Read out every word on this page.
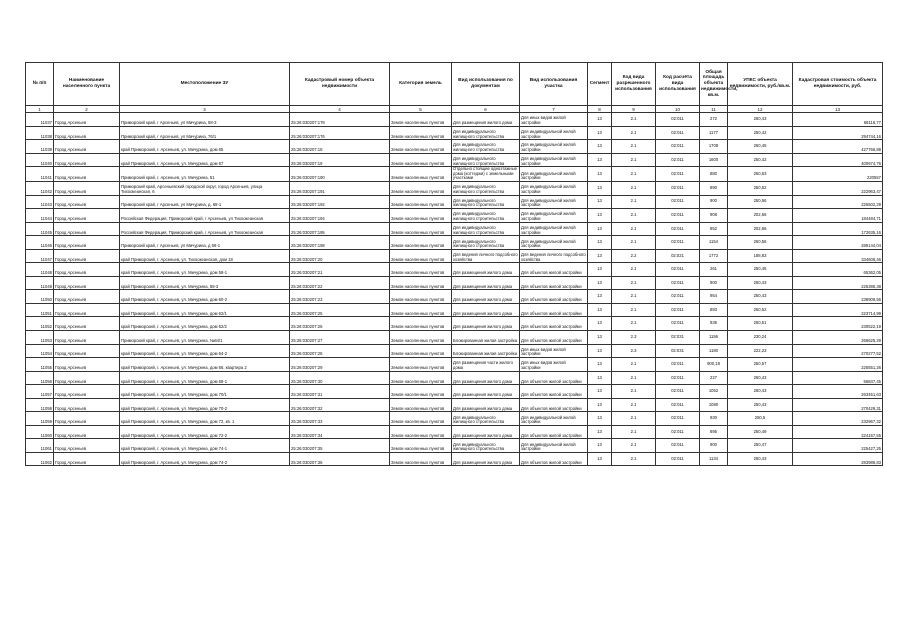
№ п/п	Наименование населенного пункта	Местоположение ЗУ	Кадастровый номер объекта недвижимости	Категория земель	Вид использования по документам	Вид использования участка	Сегмент	Код вида разрешенного использования	Код расчёта вида использования	Общая площадь объекта недвижимости, кв.м.	УПКС объекта недвижимости, руб./кв.м.	Кадастровая стоимость объекта недвижимости, руб.
1	2	3	4	5	6	7	8	9	10	11	12	13
11037	Город Арсеньев	Приморский край, г Арсеньев, ул Мичурина, 58-3	25:26:030207:178	Земли населенных пунктов	Для размещения жилого дома	Для иных видов жилой застройки	13	2.1	02:011	272	250,43	68116,77
11038	Город Арсеньев	Приморский край, г Арсеньев, ул Мичурина, 76/1	25:26:030207:176	Земли населенных пунктов	Для индивидуального жилищного строительства	Для индивидуальной жилой застройки	13	2.1	02:011	1177	250,42	294744,16
11039	Город Арсеньев	край Приморский, г. Арсеньев, ул. Мичурина, дом 65	25:26:030207:18	Земли населенных пунктов	Для индивидуального жилищного строительства	Для индивидуальной жилой застройки	13	2.1	02:011	1708	250,45	427766,88
11040	Город Арсеньев	край Приморский, г. Арсеньев, ул. Мичурина, дом 67	25:26:030207:19	Земли населенных пунктов	Для индивидуального жилищного строительства	Для индивидуальной жилой застройки	13	2.1	02:011	1600	250,42	400674,76
11041	Город Арсеньев	Приморский край, г. Арсеньев, ул. Мичурина, 51	25:26:030207:190	Земли населенных пунктов	Отдельно стоящие одноэтажные дома (коттеджи) с земельными участками	Для индивидуальной жилой застройки	13	2.1	02:011	880	250,63	220557
11042	Город Арсеньев	Приморский край, Арсеньевский городской округ, город Арсеньев, улица Тихоокеанская, 6	25:26:030207:191	Земли населенных пунктов	Для индивидуального жилищного строительства	Для индивидуальной жилой застройки	13	2.1	02:011	890	250,52	222963,47
11043	Город Арсеньев	Приморский край, г Арсеньев, ул Мичурина, д. 68-1	25:26:030207:192	Земли населенных пунктов	Для индивидуального жилищного строительства	Для индивидуальной жилой застройки	13	2.1	02:011	900	250,56	225502,29
11044	Город Арсеньев	Российская Федерация, Приморский край, г Арсеньев, ул Тихоокеанская	25:26:030207:194	Земли населенных пунктов	Для индивидуального жилищного строительства	Для индивидуальной жилой застройки	13	2.1	02:011	908	202,66	184484,71
11045	Город Арсеньев	Российская Федерация, Приморский край, г Арсеньев, ул Тихоокеанская	25:26:030207:195	Земли населенных пунктов	Для индивидуального жилищного строительства	Для индивидуальной жилой застройки	13	2.1	02:011	852	202,66	172635,16
11046	Город Арсеньев	Приморский край, г Арсеньев, ул Мичурина, д 68-1	25:26:030207:198	Земли населенных пунктов	Для индивидуального жилищного строительства	Для индивидуальной жилой застройки	13	2.1	02:011	1154	250,56	289144,04
11047	Город Арсеньев	край Приморский, г. Арсеньев, ул. Тихоокеанская, дом 18	25:26:030207:20	Земли населенных пунктов	Для ведения личного подсобного хозяйства	Для ведения личного подсобного хозяйства	13	2.2	02:021	1772	188,83	334606,46
11048	Город Арсеньев	край Приморский, г. Арсеньев, ул. Мичурина, дом 58-1	25:26:030207:21	Земли населенных пунктов	Для размещения жилого дома	Для объектов жилой застройки	13	2.1	02:011	261	250,45	65362,05
11049	Город Арсеньев	край Приморский, г. Арсеньев, ул. Мичурина, 58-3	25:26:030207:22	Земли населенных пунктов	Для размещения жилого дома	Для объектов жилой застройки	13	2.1	02:011	900	250,43	225386,38
11050	Город Арсеньев	край Приморский, г. Арсеньев, ул. Мичурина, дом 60-2	25:26:030207:23	Земли населенных пунктов	Для размещения жилого дома	Для объектов жилой застройки	13	2.1	02:011	954	250,43	238909,56
11051	Город Арсеньев	край Приморский, г. Арсеньев, ул. Мичурина, дом 62/1	25:26:030207:25	Земли населенных пунктов	Для размещения жилого дома	Для объектов жилой застройки	13	2.1	02:011	893	250,52	223714,99
11052	Город Арсеньев	край Приморский, г. Арсеньев, ул. Мичурина, дом 62/2	25:26:030207:26	Земли населенных пунктов	Для размещения жилого дома	Для объектов жилой застройки	13	2.1	02:011	935	250,51	230522,19
11053	Город Арсеньев	Приморский край, г. Арсеньев, ул. Мичурина, №64/1	25:26:030207:27	Земли населенных пунктов	Блокированная жилая застройка	Для объектов жилой застройки	13	2.3	02:031	1156	230,24	266625,29
11054	Город Арсеньев	край Приморский, г. Арсеньев, ул. Мичурина, дом 64-2	25:26:030207:28	Земли населенных пунктов	Блокированная жилая застройка	Для иных видов жилой застройки	13	2.3	02:031	1180	222,23	270277,52
11055	Город Арсеньев	край Приморский, г. Арсеньев, ул. Мичурина, дом 66, квартира 2	25:26:030207:29	Земли населенных пунктов	Для размещения части жилого дома	Для иных видов жилой застройки	13	2.1	02:011	900,18	250,57	225551,26
11056	Город Арсеньев	край Приморский, г. Арсеньев, ул. Мичурина, дом 68-1	25:26:030207:30	Земли населенных пунктов	Для размещения жилого дома	Для объектов жилой застройки	13	2.1	02:011	227	250,43	56847,45
11057	Город Арсеньев	край Приморский, г. Арсеньев, ул. Мичурина, дом 70/1	25:26:030207:31	Земли населенных пунктов	Для размещения жилого дома	Для объектов жилой застройки	13	2.1	02:011	1052	250,43	263451,63
11058	Город Арсеньев	край Приморский, г. Арсеньев, ул. Мичурина, дом 70-2	25:26:030207:32	Земли населенных пунктов	Для размещения жилого дома	Для объектов жилой застройки	13	2.1	02:011	1080	250,43	270429,31
11059	Город Арсеньев	край Приморский, г. Арсеньев, ул. Мичурина, дом 72, кв. 1	25:26:030207:33	Земли населенных пунктов	Для индивидуального жилищного строительства	Для индивидуальной жилой застройки	13	2.1	02:011	930	250,5	232967,32
11060	Город Арсеньев	край Приморский, г. Арсеньев, ул. Мичурина, дом 72-2	25:26:030207:34	Земли населенных пунктов	Для размещения жилого дома	Для объектов жилой застройки	13	2.1	02:011	895	250,49	224157,55
11061	Город Арсеньев	край Приморский, г. Арсеньев, ул. Мичурина, дом 74-1	25:26:030207:35	Земли населенных пунктов	Для индивидуального жилищного строительства	Для индивидуальной жилой застройки	13	2.1	02:011	900	250,47	225427,25
11062	Город Арсеньев	край Приморский, г. Арсеньев, ул. Мичурина, дом 74-2	25:26:030207:36	Земли населенных пунктов	Для размещения жилого дома	Для объектов жилой застройки	13	2.1	02:011	1134	250,43	283986,83
